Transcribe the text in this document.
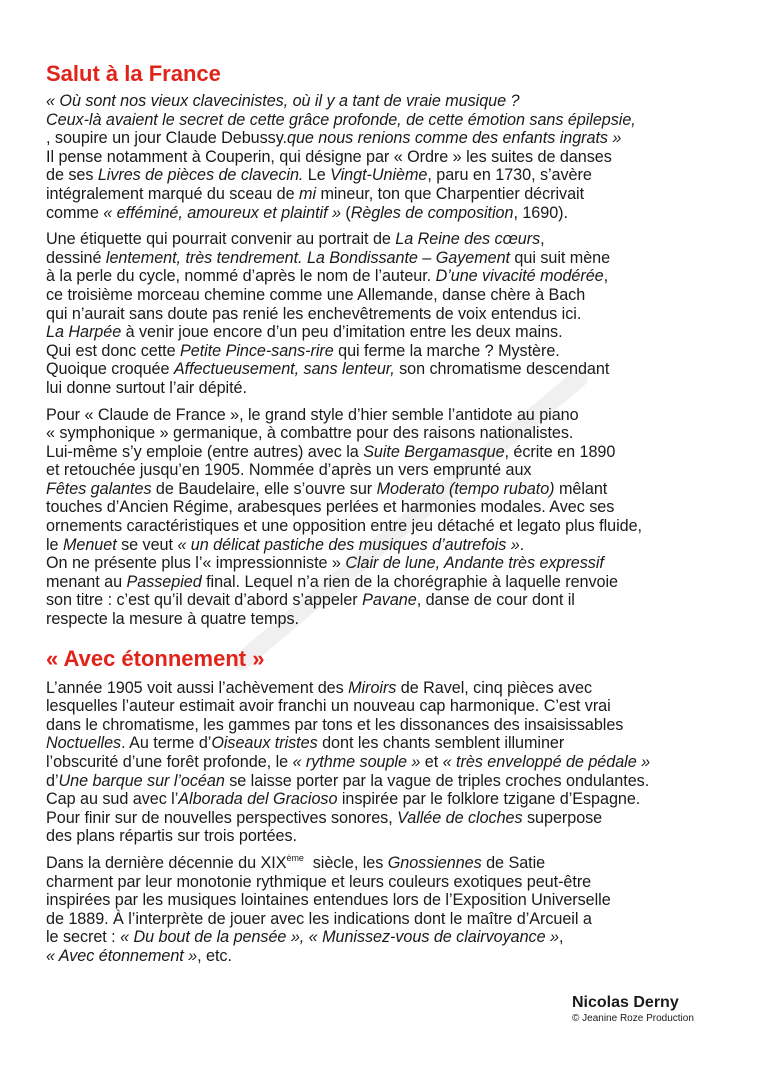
Salut à la France

« Où sont nos vieux clavecinistes, où il y a tant de vraie musique ?
Ceux-là avaient le secret de cette grâce profonde, de cette émotion sans épilepsie,
, soupire un jour Claude Debussy.que nous renions comme des enfants ingrats »
Il pense notamment à Couperin, qui désigne par « Ordre » les suites de danses
de ses Livres de pièces de clavecin. Le Vingt-Unième, paru en 1730, s’avère
intégralement marqué du sceau de mi mineur, ton que Charpentier décrivait
comme « efféminé, amoureux et plaintif » (Règles de composition, 1690).

Une étiquette qui pourrait convenir au portrait de La Reine des cœurs,
dessiné lentement, très tendrement. La Bondissante – Gayement qui suit mène
à la perle du cycle, nommé d’après le nom de l’auteur. D’une vivacité modérée,
ce troisième morceau chemine comme une Allemande, danse chère à Bach
qui n’aurait sans doute pas renié les enchevêtrements de voix entendus ici.
La Harpée à venir joue encore d’un peu d’imitation entre les deux mains.
Qui est donc cette Petite Pince-sans-rire qui ferme la marche ? Mystère.
Quoique croquée Affectueusement, sans lenteur, son chromatisme descendant
lui donne surtout l’air dépité.

Pour « Claude de France », le grand style d’hier semble l’antidote au piano
« symphonique » germanique, à combattre pour des raisons nationalistes.
Lui-même s’y emploie (entre autres) avec la Suite Bergamasque, écrite en 1890
et retouchée jusqu’en 1905. Nommée d’après un vers emprunté aux
Fêtes galantes de Baudelaire, elle s’ouvre sur Moderato (tempo rubato) mêlant
touches d’Ancien Régime, arabesques perlées et harmonies modales. Avec ses
ornements caractéristiques et une opposition entre jeu détaché et legato plus fluide,
le Menuet se veut « un délicat pastiche des musiques d’autrefois ».
On ne présente plus l’« impressionniste » Clair de lune, Andante très expressif
menant au Passepied final. Lequel n’a rien de la chorégraphie à laquelle renvoie
son titre : c’est qu’il devait d’abord s’appeler Pavane, danse de cour dont il
respecte la mesure à quatre temps.

« Avec étonnement »

L’année 1905 voit aussi l’achèvement des Miroirs de Ravel, cinq pièces avec
lesquelles l’auteur estimait avoir franchi un nouveau cap harmonique. C’est vrai
dans le chromatisme, les gammes par tons et les dissonances des insaisissables
Noctuelles. Au terme d’Oiseaux tristes dont les chants semblent illuminer
l’obscurité d’une forêt profonde, le « rythme souple » et « très enveloppé de pédale »
d’Une barque sur l’océan se laisse porter par la vague de triples croches ondulantes.
Cap au sud avec l’Alborada del Gracioso inspirée par le folklore tzigane d’Espagne.
Pour finir sur de nouvelles perspectives sonores, Vallée de cloches superpose
des plans répartis sur trois portées.

Dans la dernière décennie du XIXème  siècle, les Gnossiennes de Satie
charment par leur monotonie rythmique et leurs couleurs exotiques peut-être
inspirées par les musiques lointaines entendues lors de l’Exposition Universelle
de 1889. À l’interprète de jouer avec les indications dont le maître d’Arcueil a
le secret : « Du bout de la pensée », « Munissez-vous de clairvoyance »,
« Avec étonnement », etc.

Nicolas Derny
© Jeanine Roze Production
